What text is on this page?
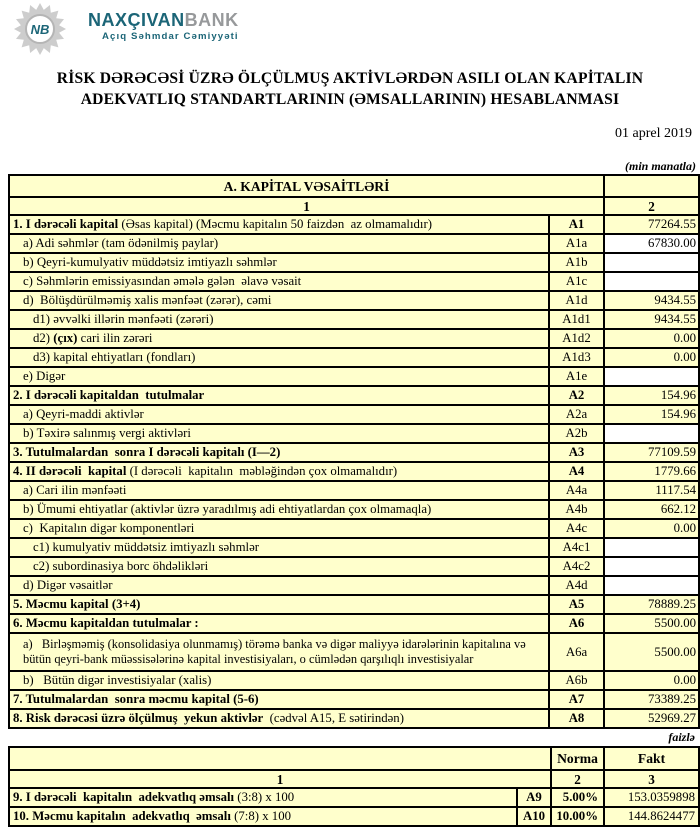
NB NAXÇIVANBANK
Açıq Səhmdar Cəmiyyəti
RİSK DƏRƏCƏSİ ÜZRƏ ÖLÇÜLMUŞ AKTİVLƏRDƏN ASILI OLAN KAPİTALIN
ADEKVATLIQ STANDARTLARININ (ƏMSALLARININ) HESABLANMASI
01 aprel 2019
(min manatla)
A. KAPİTAL VƏSAİTLƏRİ		
1		2
1. I dərəcəli kapital (Əsas kapital) (Məcmu kapitalın 50 faizdən  az olmamalıdır)	A1	77264.55
a) Adi səhmlər (tam ödənilmiş paylar)	A1a	67830.00
b) Qeyri-kumulyativ müddətsiz imtiyazlı səhmlər	A1b	
c) Səhmlərin emissiyasından əmələ gələn  əlavə vəsait	A1c	
d)  Bölüşdürülməmiş xalis mənfəət (zərər), cəmi	A1d	9434.55
d1) əvvəlki illərin mənfəəti (zərəri)	A1d1	9434.55
d2) (çıx) cari ilin zərəri	A1d2	0.00
d3) kapital ehtiyatları (fondları)	A1d3	0.00
e) Digər	A1e	
2. I dərəcəli kapitaldan  tutulmalar	A2	154.96
a) Qeyri-maddi aktivlər	A2a	154.96
b) Təxirə salınmış vergi aktivləri	A2b	
3. Tutulmalardan  sonra I dərəcəli kapitalı (I—2)	A3	77109.59
4. II dərəcəli  kapital (I dərəcəli  kapitalın  məbləğindən çox olmamalıdır)	A4	1779.66
a) Cari ilin mənfəəti	A4a	1117.54
b) Ümumi ehtiyatlar (aktivlər üzrə yaradılmış adi ehtiyatlardan çox olmamaqla)	A4b	662.12
c)  Kapitalın digər komponentləri	A4c	0.00
c1) kumulyativ müddətsiz imtiyazlı səhmlər	A4c1	
c2) subordinasiya borc öhdəlikləri	A4c2	
d) Digər vəsaitlər	A4d	
5. Məcmu kapital (3+4)	A5	78889.25
6. Məcmu kapitaldan tutulmalar :	A6	5500.00
a)   Birləşməmiş (konsolidasiya olunmamış) törəmə banka və digər maliyyə idarələrinin kapitalına və bütün qeyri-bank müəssisələrinə kapital investisiyaları, o cümlədən qarşılıqlı investisiyalar	A6a	5500.00
b)   Bütün digər investisiyalar (xalis)	A6b	0.00
7. Tutulmalardan  sonra məcmu kapital (5-6)	A7	73389.25
8. Risk dərəcəsi üzrə ölçülmuş  yekun aktivlər  (cədvəl A15, E sətirindən)	A8	52969.27
faizlə
		Norma	Fakt
1		2	3
9. I dərəcəli  kapitalın  adekvatlıq əmsalı (3:8) x 100	A9	5.00%	153.0359898
10. Məcmu kapitalın  adekvatlıq  əmsalı (7:8) x 100	A10	10.00%	144.8624477
